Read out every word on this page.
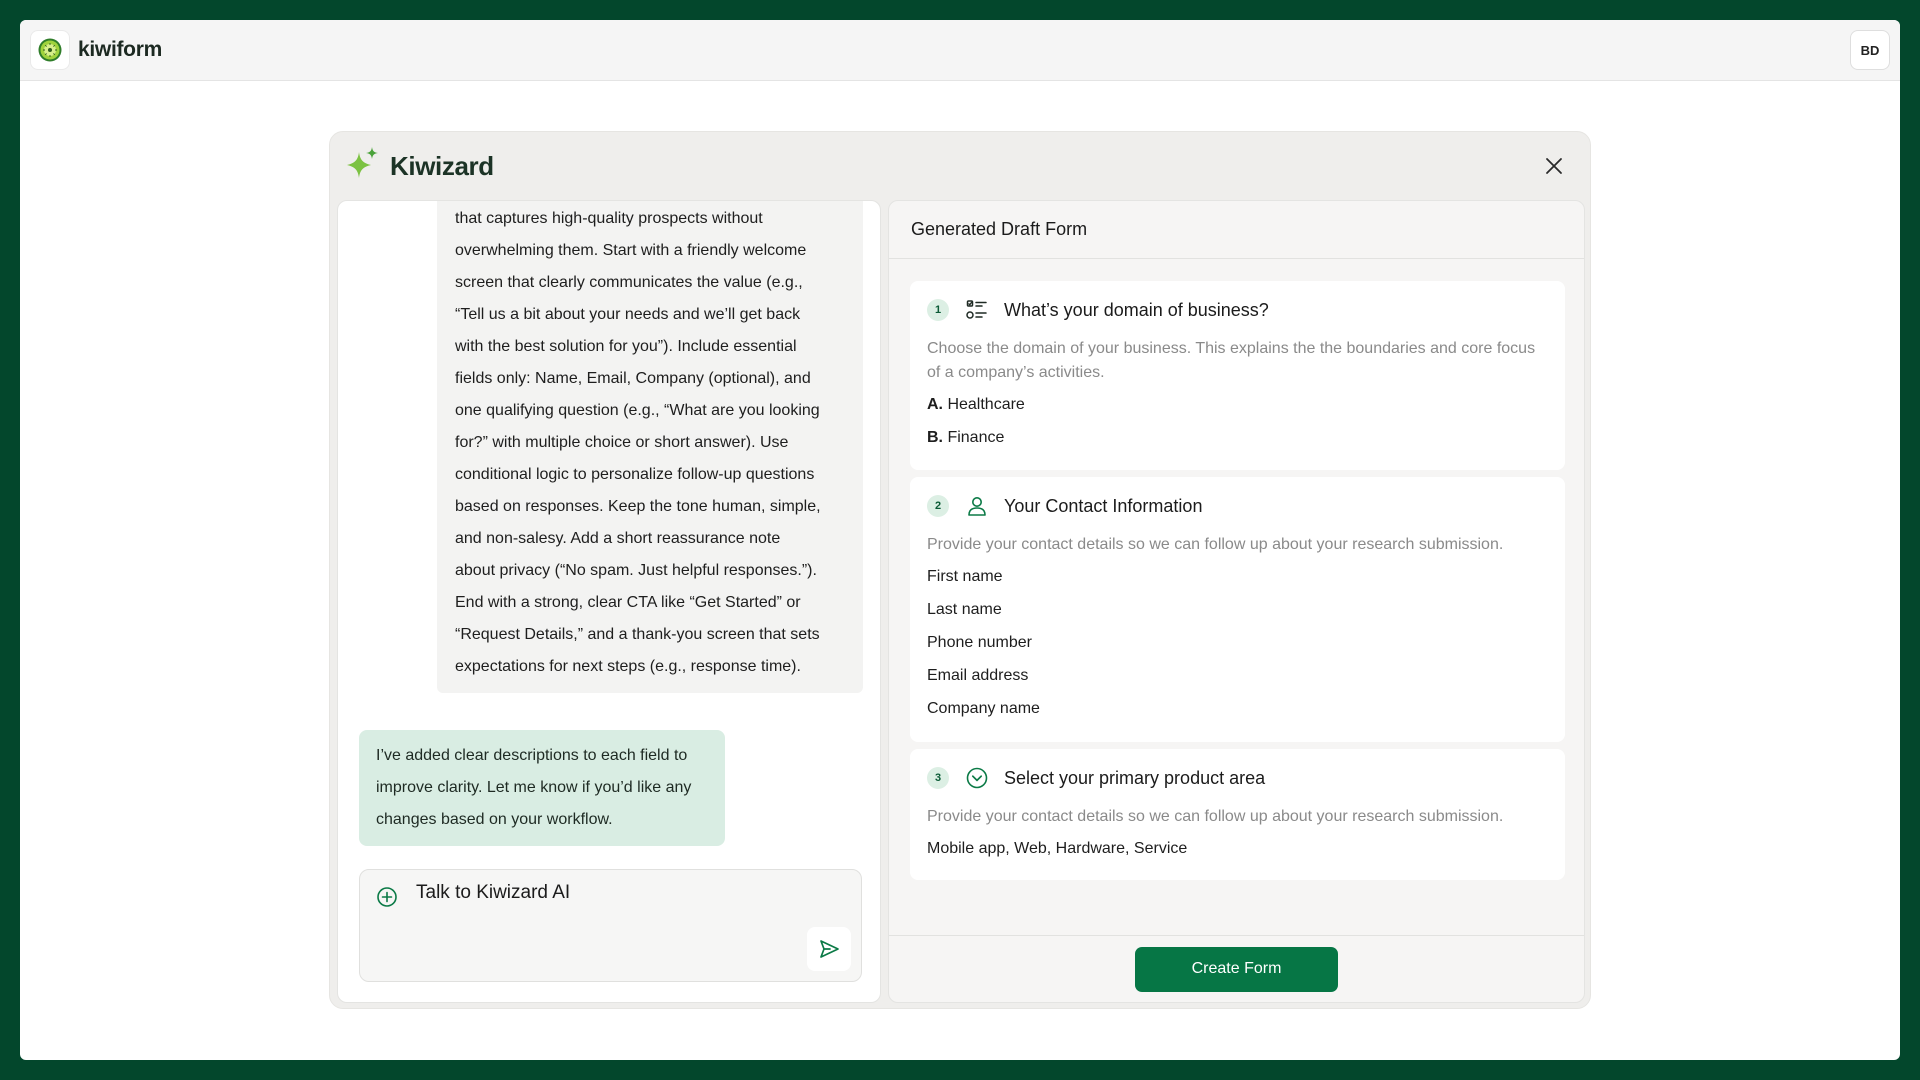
kiwiform	BD
Kiwizard

that captures high-quality prospects without

overwhelming them. Start with a friendly welcome

screen that clearly communicates the value (e.g.,

“Tell us a bit about your needs and we’ll get back

with the best solution for you”). Include essential

fields only: Name, Email, Company (optional), and

one qualifying question (e.g., “What are you looking

for?” with multiple choice or short answer). Use

conditional logic to personalize follow-up questions

based on responses. Keep the tone human, simple,

and non-salesy. Add a short reassurance note

about privacy (“No spam. Just helpful responses.”).

End with a strong, clear CTA like “Get Started” or

“Request Details,” and a thank-you screen that sets

expectations for next steps (e.g., response time).

I’ve added clear descriptions to each field to

improve clarity. Let me know if you’d like any

changes based on your workflow.

Talk to Kiwizard AI
Generated Draft Form
1	What’s your domain of business?
Choose the domain of your business. This explains the the boundaries and core focus of a company’s activities.
A. Healthcare
B. Finance
2	Your Contact Information
Provide your contact details so we can follow up about your research submission.
First name
Last name
Phone number
Email address
Company name
3	Select your primary product area
Provide your contact details so we can follow up about your research submission.
Mobile app, Web, Hardware, Service
Create Form
